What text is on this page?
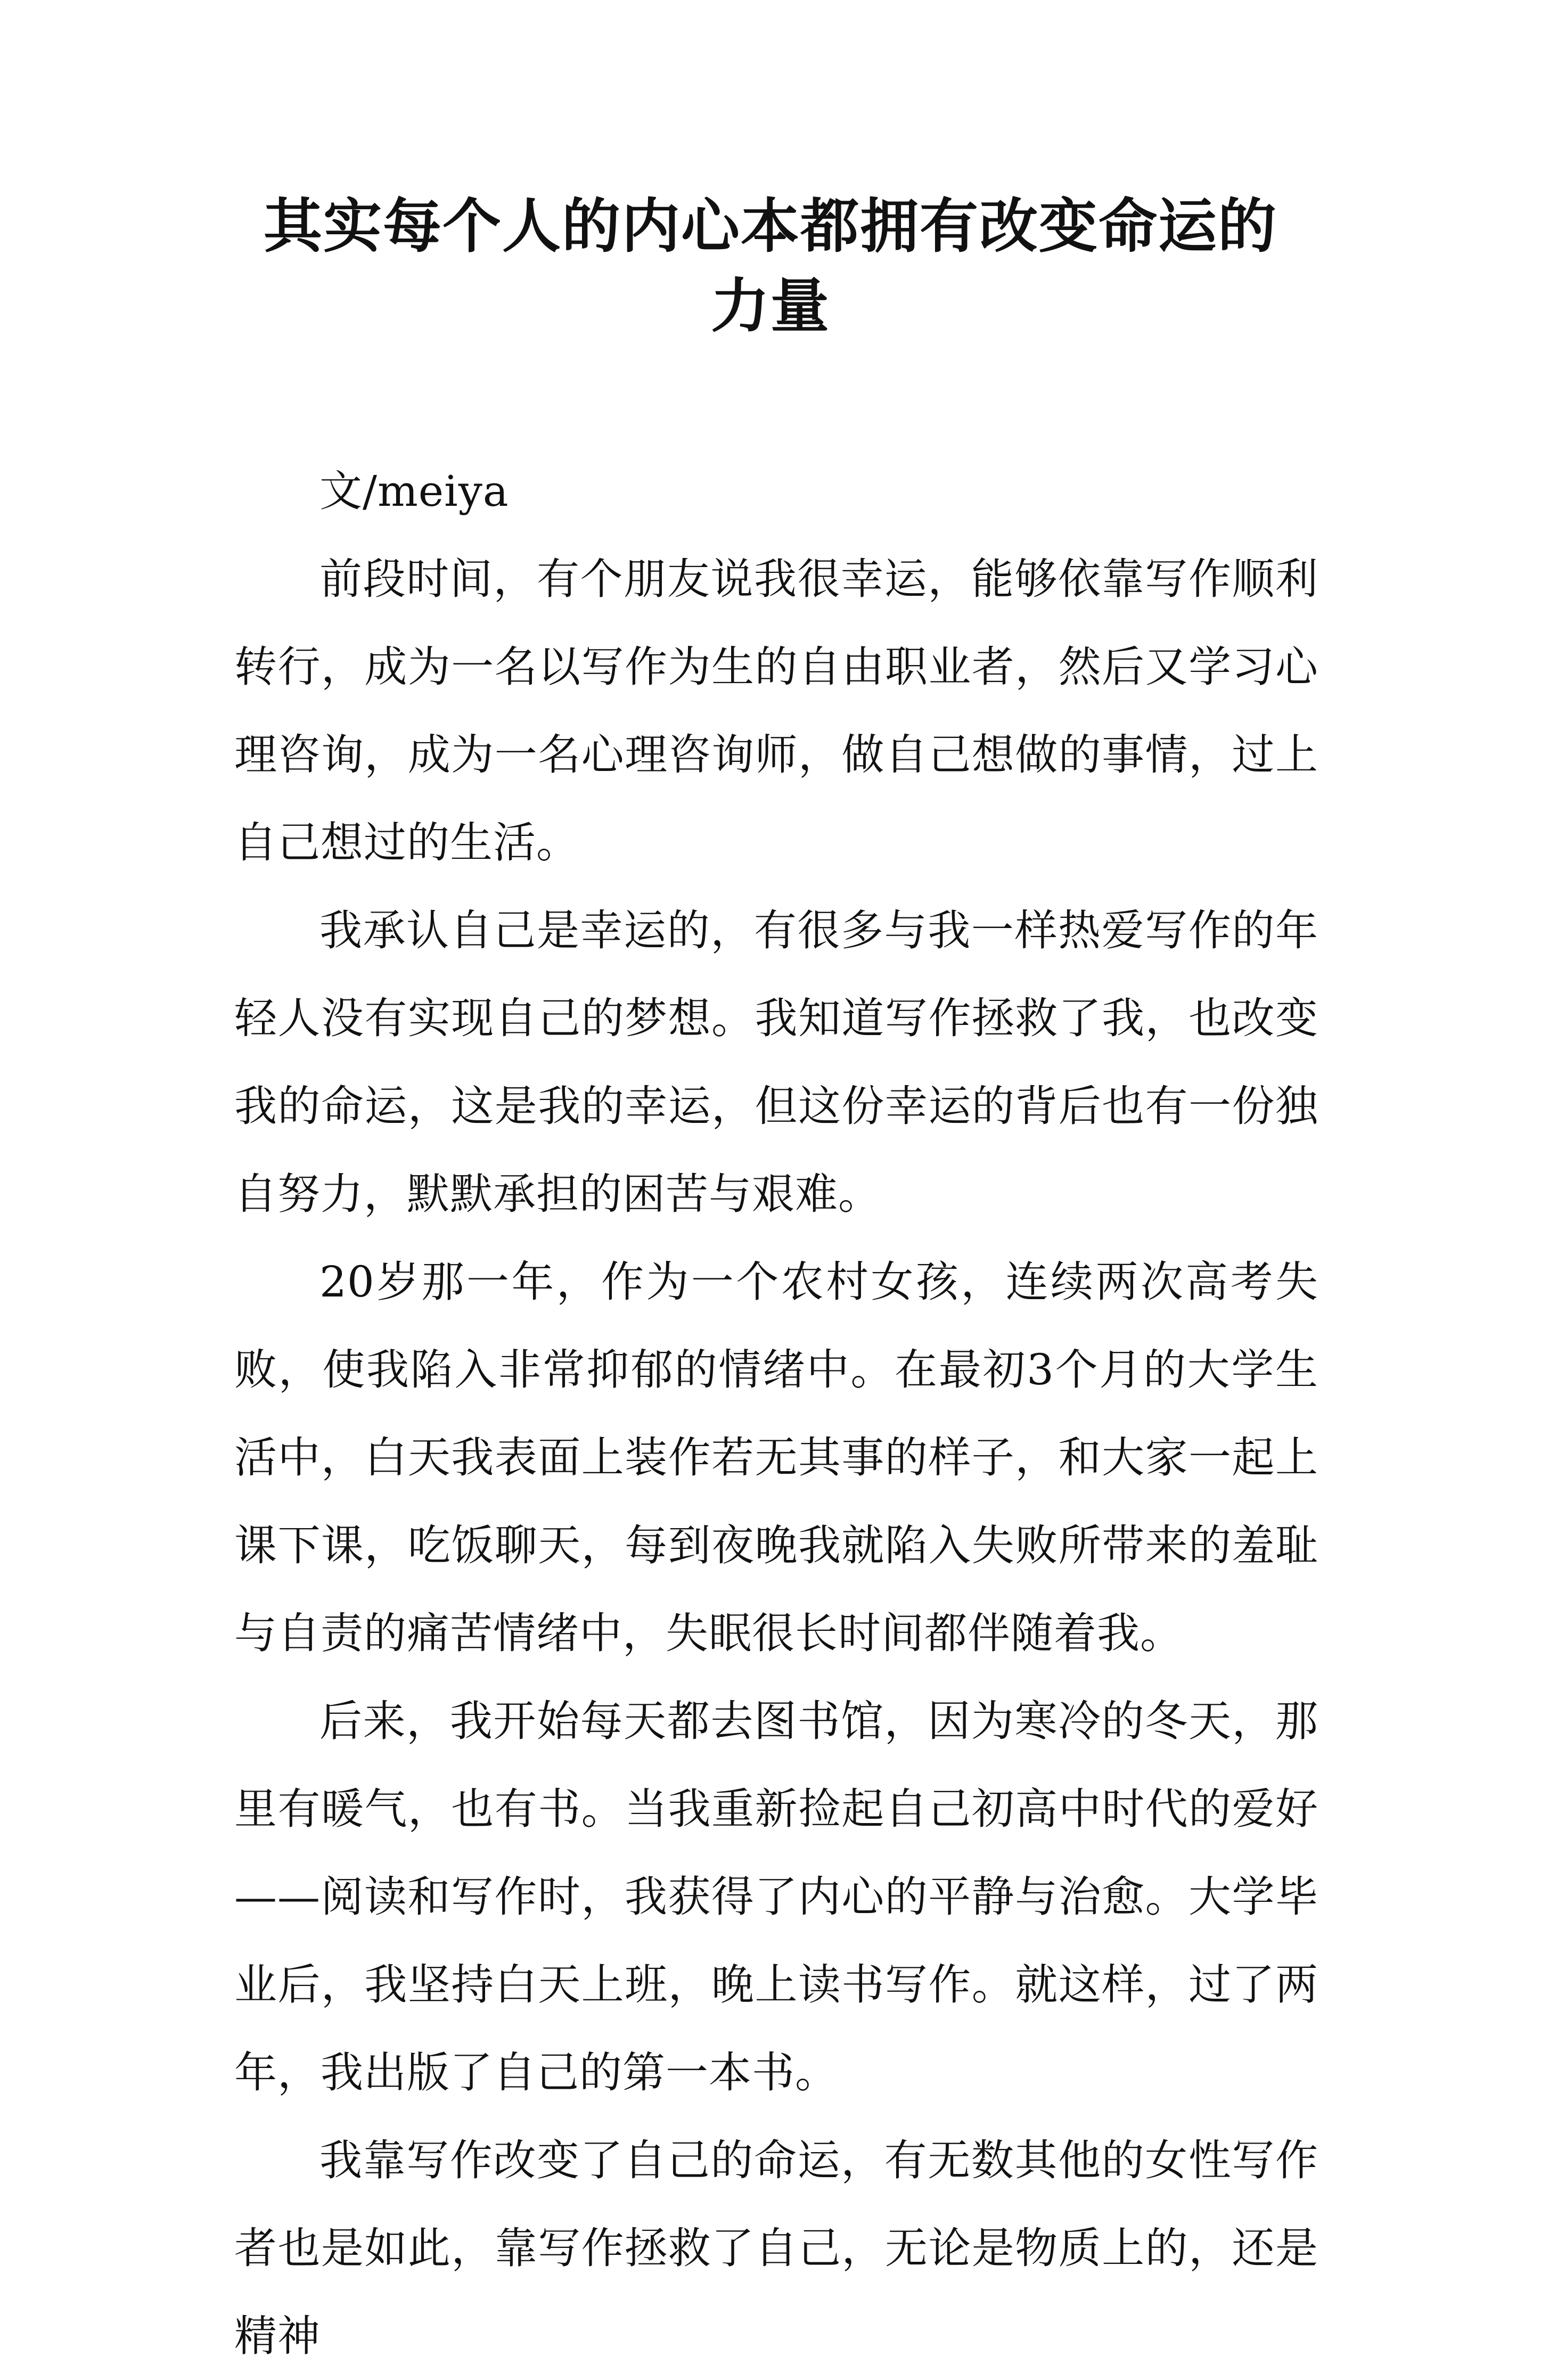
其实每个人的内心本都拥有改变命运的力量

文/meiya

前段时间，有个朋友说我很幸运，能够依靠写作顺利转行，成为一名以写作为生的自由职业者，然后又学习心理咨询，成为一名心理咨询师，做自己想做的事情，过上自己想过的生活。

我承认自己是幸运的，有很多与我一样热爱写作的年轻人没有实现自己的梦想。我知道写作拯救了我，也改变我的命运，这是我的幸运，但这份幸运的背后也有一份独自努力，默默承担的困苦与艰难。

20岁那一年，作为一个农村女孩，连续两次高考失败，使我陷入非常抑郁的情绪中。在最初3个月的大学生活中，白天我表面上装作若无其事的样子，和大家一起上课下课，吃饭聊天，每到夜晚我就陷入失败所带来的羞耻与自责的痛苦情绪中，失眠很长时间都伴随着我。

后来，我开始每天都去图书馆，因为寒冷的冬天，那里有暖气，也有书。当我重新捡起自己初高中时代的爱好——阅读和写作时，我获得了内心的平静与治愈。大学毕业后，我坚持白天上班，晚上读书写作。就这样，过了两年，我出版了自己的第一本书。

我靠写作改变了自己的命运，有无数其他的女性写作者也是如此，靠写作拯救了自己，无论是物质上的，还是精神
